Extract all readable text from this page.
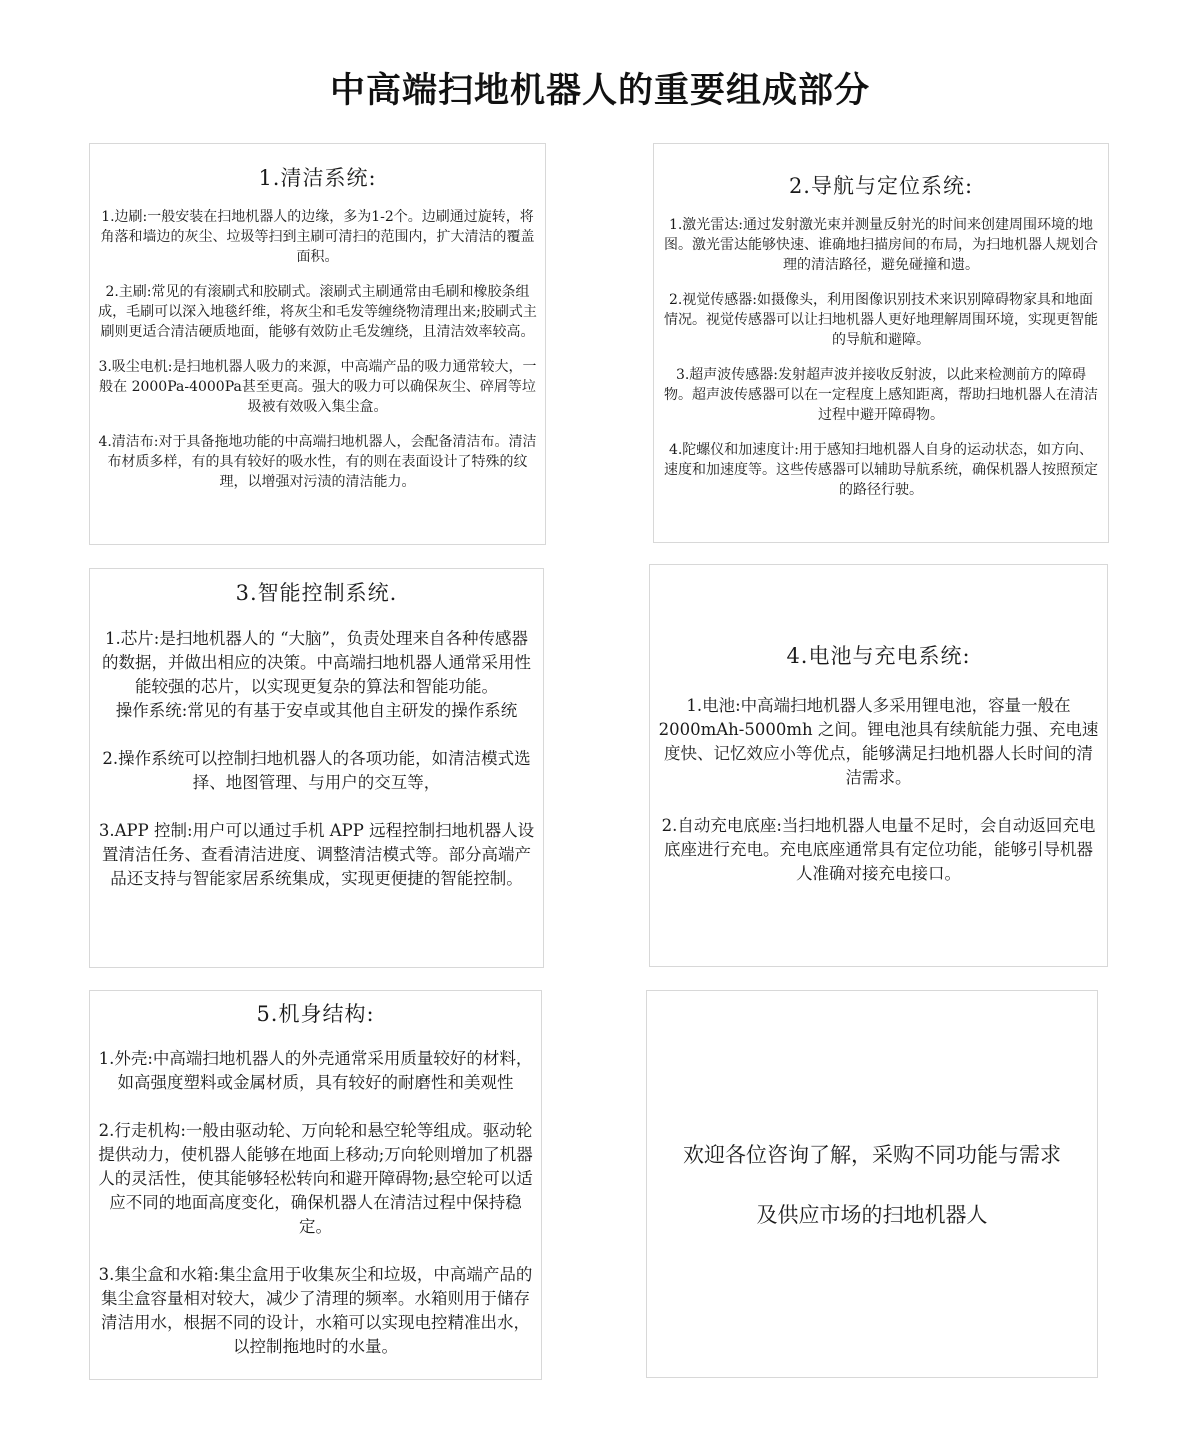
中高端扫地机器人的重要组成部分
1.清洁系统:

1.边刷:一般安装在扫地机器人的边缘，多为1-2个。边刷通过旋转，将角落和墙边的灰尘、垃圾等扫到主刷可清扫的范围内，扩大清洁的覆盖面积。

2.主刷:常见的有滚刷式和胶刷式。滚刷式主刷通常由毛刷和橡胶条组成，毛刷可以深入地毯纤维，将灰尘和毛发等缠绕物清理出来;胶刷式主刷则更适合清洁硬质地面，能够有效防止毛发缠绕，且清洁效率较高。

3.吸尘电机:是扫地机器人吸力的来源，中高端产品的吸力通常较大，一般在 2000Pa-4000Pa甚至更高。强大的吸力可以确保灰尘、碎屑等垃圾被有效吸入集尘盒。

4.清洁布:对于具备拖地功能的中高端扫地机器人，会配备清洁布。清洁布材质多样，有的具有较好的吸水性，有的则在表面设计了特殊的纹理，以增强对污渍的清洁能力。

2.导航与定位系统:

1.激光雷达:通过发射激光束并测量反射光的时间来创建周围环境的地图。激光雷达能够快速、谁确地扫描房间的布局，为扫地机器人规划合理的清洁路径，避免碰撞和遗。

2.视觉传感器:如摄像头，利用图像识别技术来识别障碍物家具和地面情况。视觉传感器可以让扫地机器人更好地理解周围环境，实现更智能的导航和避障。

3.超声波传感器:发射超声波并接收反射波，以此来检测前方的障碍物。超声波传感器可以在一定程度上感知距离，帮助扫地机器人在清洁过程中避开障碍物。

4.陀螺仪和加速度计:用于感知扫地机器人自身的运动状态，如方向、速度和加速度等。这些传感器可以辅助导航系统，确保机器人按照预定的路径行驶。

3.智能控制系统.

1.芯片:是扫地机器人的 “大脑”，负责处理来自各种传感器的数据，并做出相应的决策。中高端扫地机器人通常采用性能较强的芯片，以实现更复杂的算法和智能功能。

操作系统:常见的有基于安卓或其他自主研发的操作系统

2.操作系统可以控制扫地机器人的各项功能，如清洁模式选择、地图管理、与用户的交互等，

3.APP 控制:用户可以通过手机 APP 远程控制扫地机器人设置清洁任务、查看清洁进度、调整清洁模式等。部分高端产品还支持与智能家居系统集成，实现更便捷的智能控制。

4.电池与充电系统:

1.电池:中高端扫地机器人多采用锂电池，容量一般在2000mAh-5000mh 之间。锂电池具有续航能力强、充电速度快、记忆效应小等优点，能够满足扫地机器人长时间的清洁需求。

2.自动充电底座:当扫地机器人电量不足时，会自动返回充电底座进行充电。充电底座通常具有定位功能，能够引导机器人准确对接充电接口。

5.机身结构:

1.外壳:中高端扫地机器人的外壳通常采用质量较好的材料，如高强度塑料或金属材质，具有较好的耐磨性和美观性

2.行走机构:一般由驱动轮、万向轮和悬空轮等组成。驱动轮提供动力，使机器人能够在地面上移动;万向轮则增加了机器人的灵活性，使其能够轻松转向和避开障碍物;悬空轮可以适应不同的地面高度变化，确保机器人在清洁过程中保持稳定。

3.集尘盒和水箱:集尘盒用于收集灰尘和垃圾，中高端产品的集尘盒容量相对较大，减少了清理的频率。水箱则用于储存清洁用水，根据不同的设计，水箱可以实现电控精准出水，以控制拖地时的水量。

欢迎各位咨询了解，采购不同功能与需求

及供应市场的扫地机器人
